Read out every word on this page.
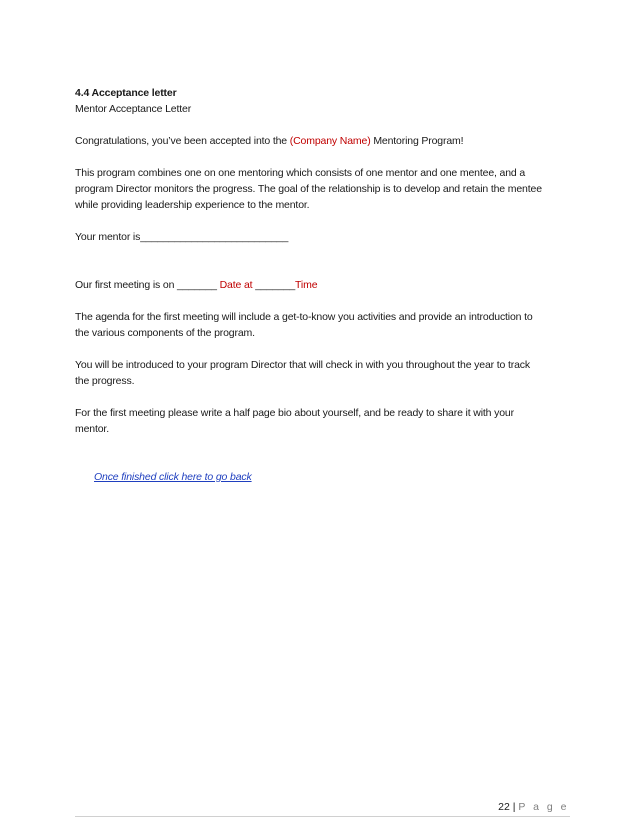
4.4 Acceptance letter

Mentor Acceptance Letter

Congratulations, you’ve been accepted into the (Company Name) Mentoring Program!

This program combines one on one mentoring which consists of one mentor and one mentee, and a

program Director monitors the progress. The goal of the relationship is to develop and retain the mentee

while providing leadership experience to the mentor.

Your mentor is__________________________

Our first meeting is on _______ Date at _______Time

The agenda for the first meeting will include a get-to-know you activities and provide an introduction to

the various components of the program.

You will be introduced to your program Director that will check in with you throughout the year to track

the progress.

For the first meeting please write a half page bio about yourself, and be ready to share it with your

mentor.

Once finished click here to go back

22 | P a g e
